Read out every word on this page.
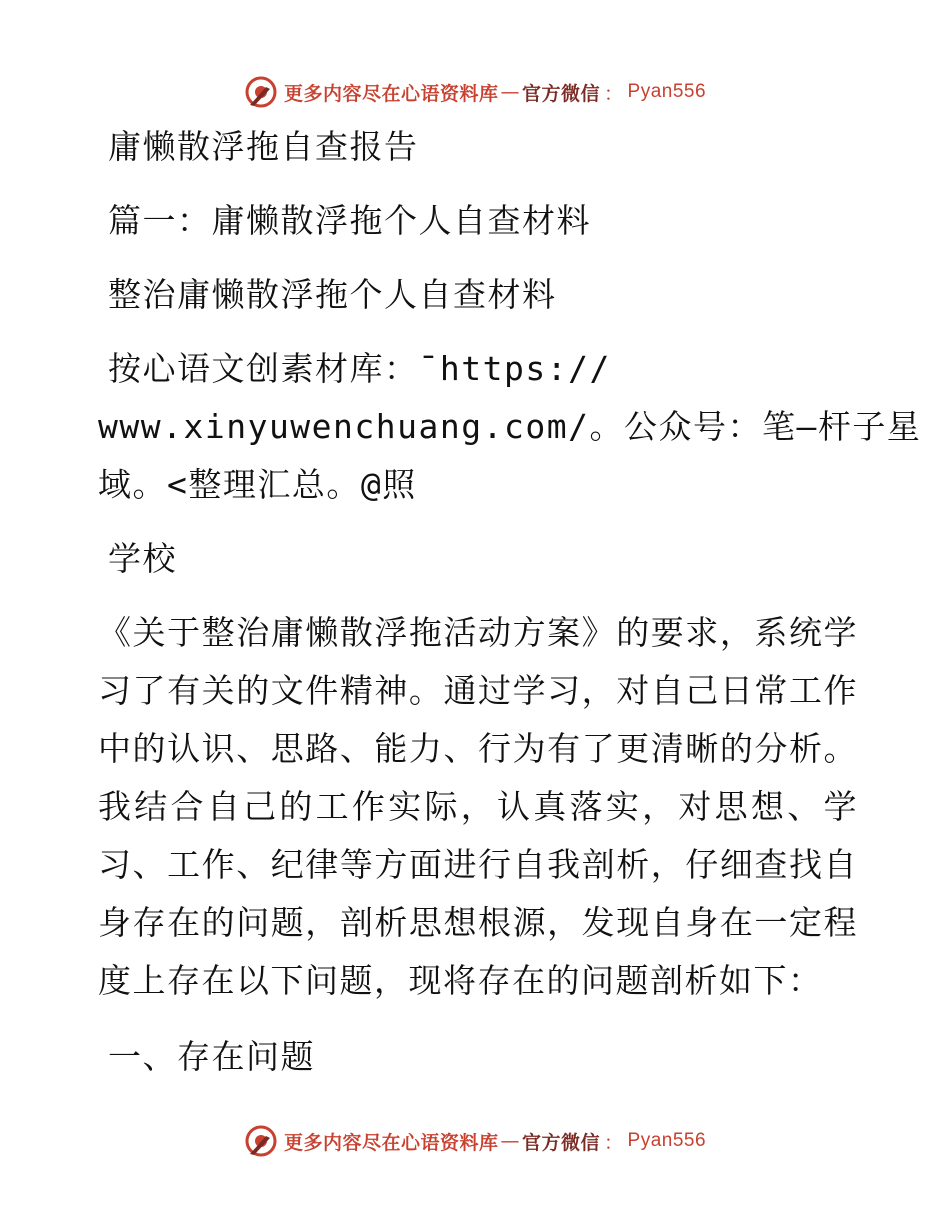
更多内容尽在心语资料库 — 官方微信 ： Pyan556
庸懒散浮拖自查报告
篇一：庸懒散浮拖个人自查材料
整治庸懒散浮拖个人自查材料
按心语文创素材库：¯https://
www.xinyuwenchuang.com/。公众号：笔—杆子星
域。<整理汇总。@照
学校
《关于整治庸懒散浮拖活动方案》的要求，系统学习了有关的文件精神。通过学习，对自己日常工作中的认识、思路、能力、行为有了更清晰的分析。我结合自己的工作实际，认真落实，对思想、学习、工作、纪律等方面进行自我剖析，仔细查找自身存在的问题，剖析思想根源，发现自身在一定程度上存在以下问题，现将存在的问题剖析如下：
一、存在问题
更多内容尽在心语资料库 — 官方微信 ： Pyan556
